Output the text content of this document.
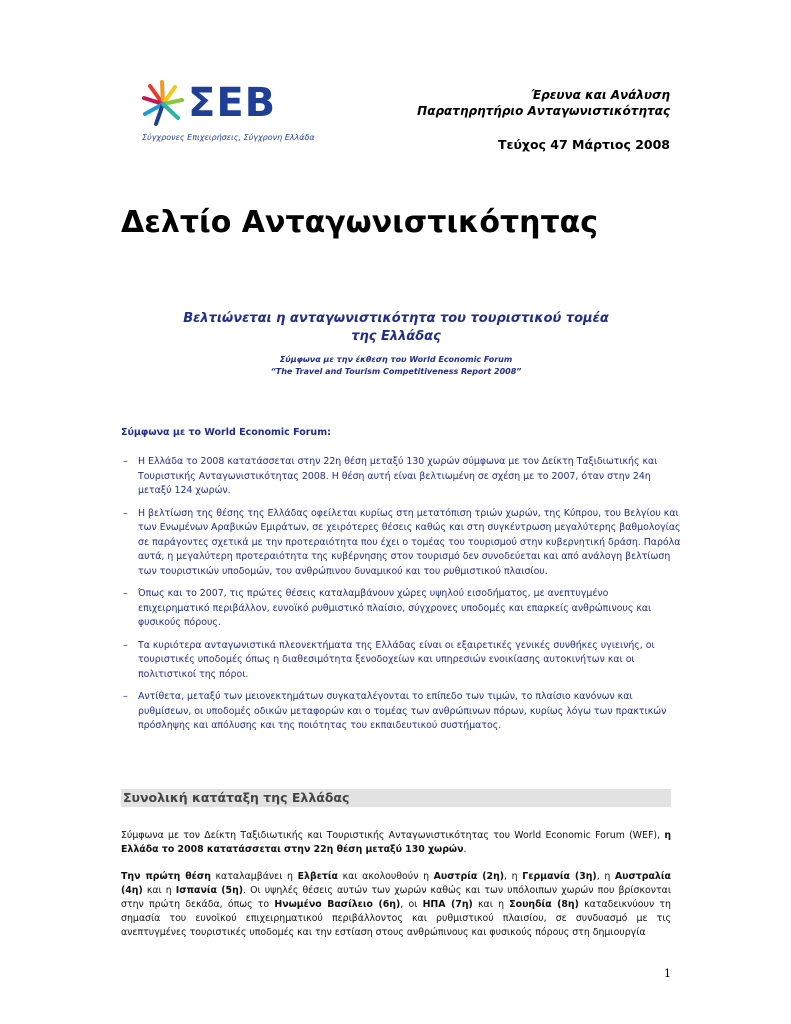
ΣΕΒ
Σύγχρονες Επιχειρήσεις, Σύγχρονη Ελλάδα
Έρευνα και Ανάλυση
Παρατηρητήριο Ανταγωνιστικότητας
Τεύχος 47 Μάρτιος 2008
Δελτίο Ανταγωνιστικότητας
Βελτιώνεται η ανταγωνιστικότητα του τουριστικού τομέα
της Ελλάδας
Σύμφωνα με την έκθεση του World Economic Forum
“The Travel and Tourism Competitiveness Report 2008”
Σύμφωνα με το World Economic Forum:
– Η Ελλάδα το 2008 κατατάσσεται στην 22η θέση μεταξύ 130 χωρών σύμφωνα με τον Δείκτη Ταξιδιωτικής και Τουριστικής Ανταγωνιστικότητας 2008. Η θέση αυτή είναι βελτιωμένη σε σχέση με το 2007, όταν στην 24η μεταξύ 124 χωρών.
– Η βελτίωση της θέσης της Ελλάδας οφείλεται κυρίως στη μετατόπιση τριών χωρών, της Κύπρου, του Βελγίου και των Ενωμένων Αραβικών Εμιράτων, σε χειρότερες θέσεις καθώς και στη συγκέντρωση μεγαλύτερης βαθμολογίας σε παράγοντες σχετικά με την προτεραιότητα που έχει ο τομέας του τουρισμού στην κυβερνητική δράση. Παρόλα αυτά, η μεγαλύτερη προτεραιότητα της κυβέρνησης στον τουρισμό δεν συνοδεύεται και από ανάλογη βελτίωση των τουριστικών υποδομών, του ανθρώπινου δυναμικού και του ρυθμιστικού πλαισίου.
– Όπως και το 2007, τις πρώτες θέσεις καταλαμβάνουν χώρες υψηλού εισοδήματος, με ανεπτυγμένο επιχειρηματικό περιβάλλον, ευνοϊκό ρυθμιστικό πλαίσιο, σύγχρονες υποδομές και επαρκείς ανθρώπινους και φυσικούς πόρους.
– Τα κυριότερα ανταγωνιστικά πλεονεκτήματα της Ελλάδας είναι οι εξαιρετικές γενικές συνθήκες υγιεινής, οι τουριστικές υποδομές όπως η διαθεσιμότητα ξενοδοχείων και υπηρεσιών ενοικίασης αυτοκινήτων και οι πολιτιστικοί της πόροι.
– Αντίθετα, μεταξύ των μειονεκτημάτων συγκαταλέγονται το επίπεδο των τιμών, το πλαίσιο κανόνων και ρυθμίσεων, οι υποδομές οδικών μεταφορών και ο τομέας των ανθρώπινων πόρων, κυρίως λόγω των πρακτικών πρόσληψης και απόλυσης και της ποιότητας του εκπαιδευτικού συστήματος.
Συνολική κατάταξη της Ελλάδας

Σύμφωνα με τον Δείκτη Ταξιδιωτικής και Τουριστικής Ανταγωνιστικότητας του World Economic Forum (WEF), η Ελλάδα το 2008 κατατάσσεται στην 22η θέση μεταξύ 130 χωρών.

Την πρώτη θέση καταλαμβάνει η Ελβετία και ακολουθούν η Αυστρία (2η), η Γερμανία (3η), η Αυστραλία (4η) και η Ισπανία (5η). Οι υψηλές θέσεις αυτών των χωρών καθώς και των υπόλοιπων χωρών που βρίσκονται στην πρώτη δεκάδα, όπως το Ηνωμένο Βασίλειο (6η), οι ΗΠΑ (7η) και η Σουηδία (8η) καταδεικνύουν τη σημασία του ευνοϊκού επιχειρηματικού περιβάλλοντος και ρυθμιστικού πλαισίου, σε συνδυασμό με τις ανεπτυγμένες τουριστικές υποδομές και την εστίαση στους ανθρώπινους και φυσικούς πόρους στη δημιουργία

1
